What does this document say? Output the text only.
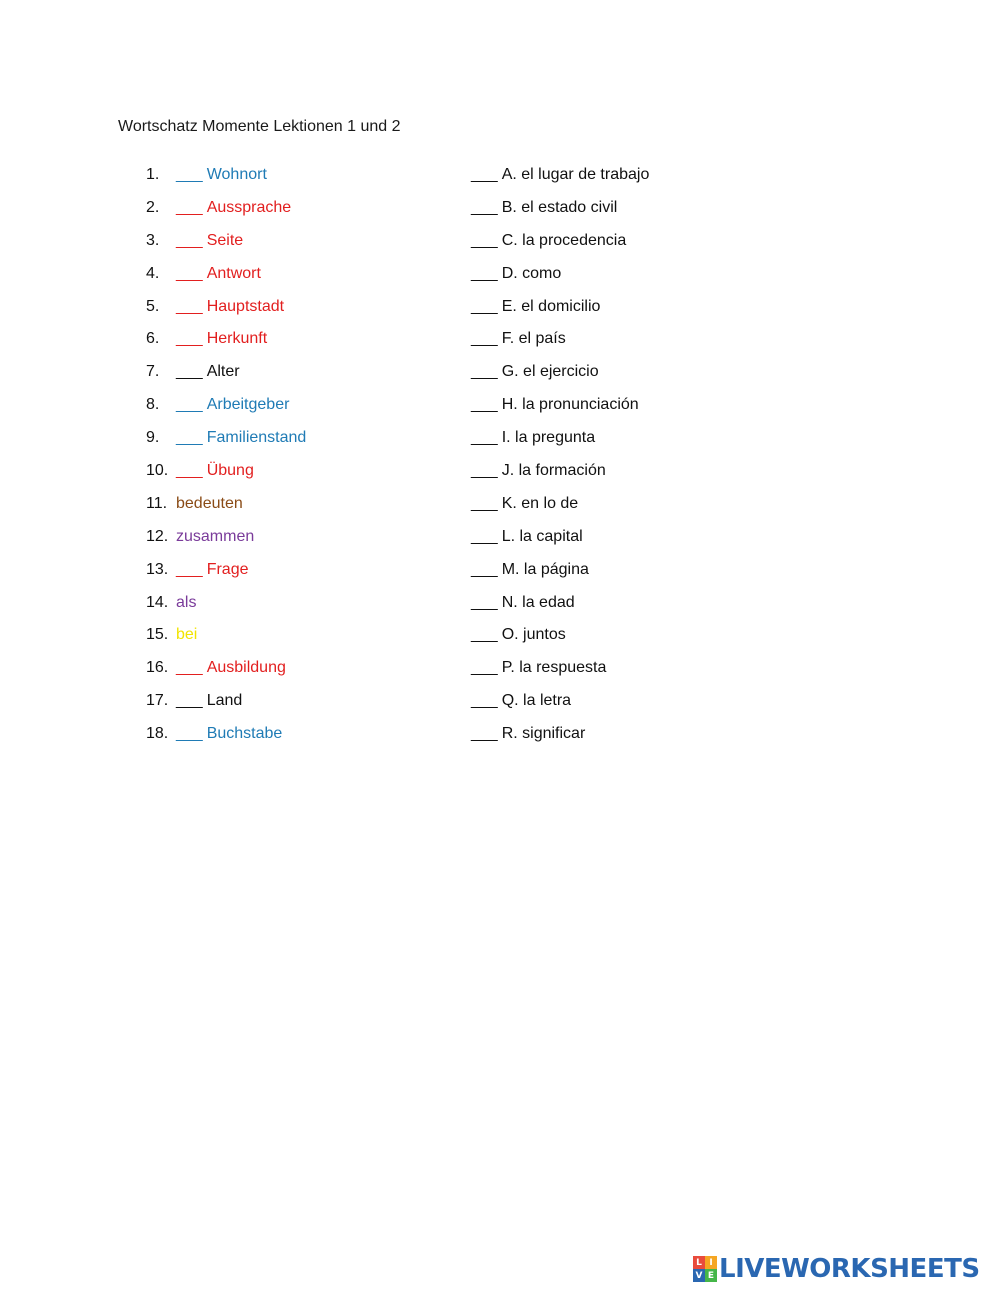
Wortschatz Momente Lektionen 1 und 2
1.	___ Wohnort
2.	___ Aussprache
3.	___ Seite
4.	___ Antwort
5.	___ Hauptstadt
6.	___ Herkunft
7.	___ Alter
8.	___ Arbeitgeber
9.	___ Familienstand
10. ___ Übung
11. bedeuten
12. zusammen
13. ___ Frage
14. als
15. bei
16. ___ Ausbildung
17. ___ Land
18. ___ Buchstabe
___ A. el lugar de trabajo
___ B. el estado civil
___ C. la procedencia
___ D. como
___ E. el domicilio
___ F. el país
___ G. el ejercicio
___ H. la pronunciación
___ I. la pregunta
___ J. la formación
___ K. en lo de
___ L. la capital
___ M. la página
___ N. la edad
___ O. juntos
___ P. la respuesta
___ Q. la letra
___ R. significar
L I
V E LIVEWORKSHEETS
